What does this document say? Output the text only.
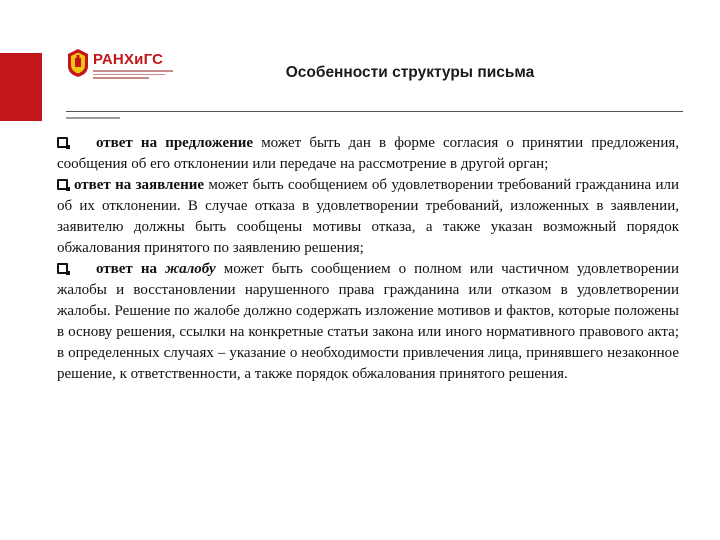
РАНХиГС
Особенности структуры письма

ответ на предложение может быть дан в форме согласия о принятии предложения, сообщения об его отклонении или передаче на рассмотрение в другой орган;

ответ на заявление может быть сообщением об удовлетворении требований гражданина или об их отклонении. В случае отказа в удовлетворении требований, изложенных в заявлении, заявителю должны быть сообщены мотивы отказа, а также указан возможный порядок обжалования принятого по заявлению решения;

ответ на жалобу может быть сообщением о полном или частичном удовлетворении жалобы и восстановлении нарушенного права гражданина или отказом в удовлетворении жалобы. Решение по жалобе должно содержать изложение мотивов и фактов, которые положены в основу решения, ссылки на конкретные статьи закона или иного нормативного правового акта; в определенных случаях – указание о необходимости привлечения лица, принявшего незаконное решение, к ответственности, а также порядок обжалования принятого решения.
